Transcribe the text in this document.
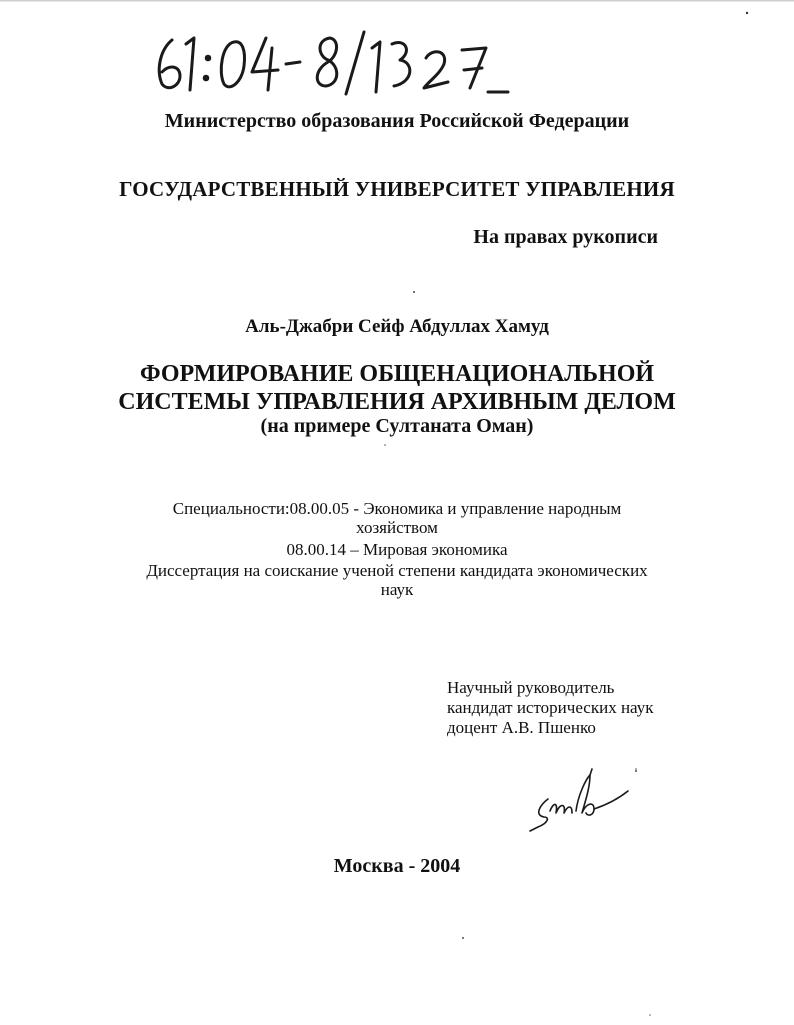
Министерство образования Российской Федерации
ГОСУДАРСТВЕННЫЙ УНИВЕРСИТЕТ УПРАВЛЕНИЯ
На правах рукописи
Аль-Джабри Сейф Абдуллах Хамуд
ФОРМИРОВАНИЕ ОБЩЕНАЦИОНАЛЬНОЙ
СИСТЕМЫ УПРАВЛЕНИЯ АРХИВНЫМ ДЕЛОМ
(на примере Султаната Оман)
Специальности:08.00.05 - Экономика и управление народным
хозяйством
08.00.14 – Мировая экономика
Диссертация на соискание ученой степени кандидата экономических
наук
Научный руководитель
кандидат исторических наук
доцент А.В. Пшенко
Москва - 2004
